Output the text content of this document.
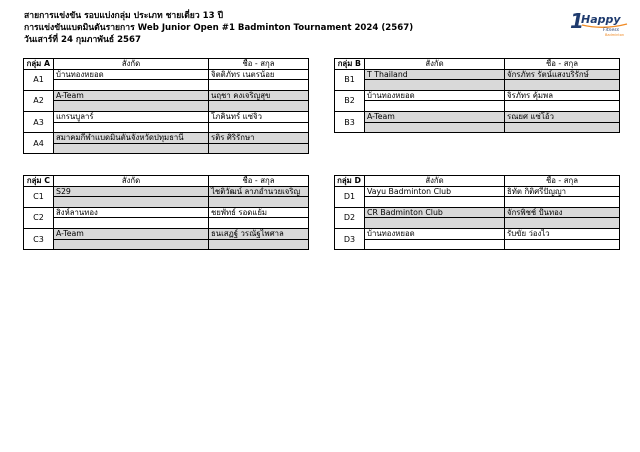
สายการแข่งขัน รอบแบ่งกลุ่ม ประเภท ชายเดี่ยว 13 ปี
การแข่งขันแบดมินตันรายการ Web Junior Open #1 Badminton Tournament 2024 (2567)
วันเสาร์ที่ 24 กุมภาพันธ์ 2567
1
Happy
Fitness
Badminton
กลุ่ม A	สังกัด	ชื่อ - สกุล
A1	บ้านทองหยอด	จิตติภัทร เนตรน้อย

A2	A-Team	นฤชา คงเจริญสุข

A3	แกรนบูลาร์	โภคินทร์ แซ่จิว

A4	สมาคมกีฬาแบดมินตันจังหวัดปทุมธานี	รติร ศิริรักษา

กลุ่ม B	สังกัด	ชื่อ - สกุล
B1	T Thailand	จักรภัทร รัตน์แสงบริรักษ์

B2	บ้านทองหยอด	จิรภัทร คุ้มพล

B3	A-Team	รณยศ แซ่โอ้ว

กลุ่ม C	สังกัด	ชื่อ - สกุล
C1	S29	ไชติวัฒน์ ลาภอำนวยเจริญ

C2	สิงห์ลานทอง	ชยพัทธ์ รอดแย้ม

C3	A-Team	ธนเสฏฐ์ วรณัฐไพศาล

กลุ่ม D	สังกัด	ชื่อ - สกุล
D1	Vayu Badminton Club	ธิทัต กิติศรีปัญญา

D2	CR Badminton Club	จักรพิชช์ ปั้นทอง

D3	บ้านทองหยอด	รับขัย ว่องไว
